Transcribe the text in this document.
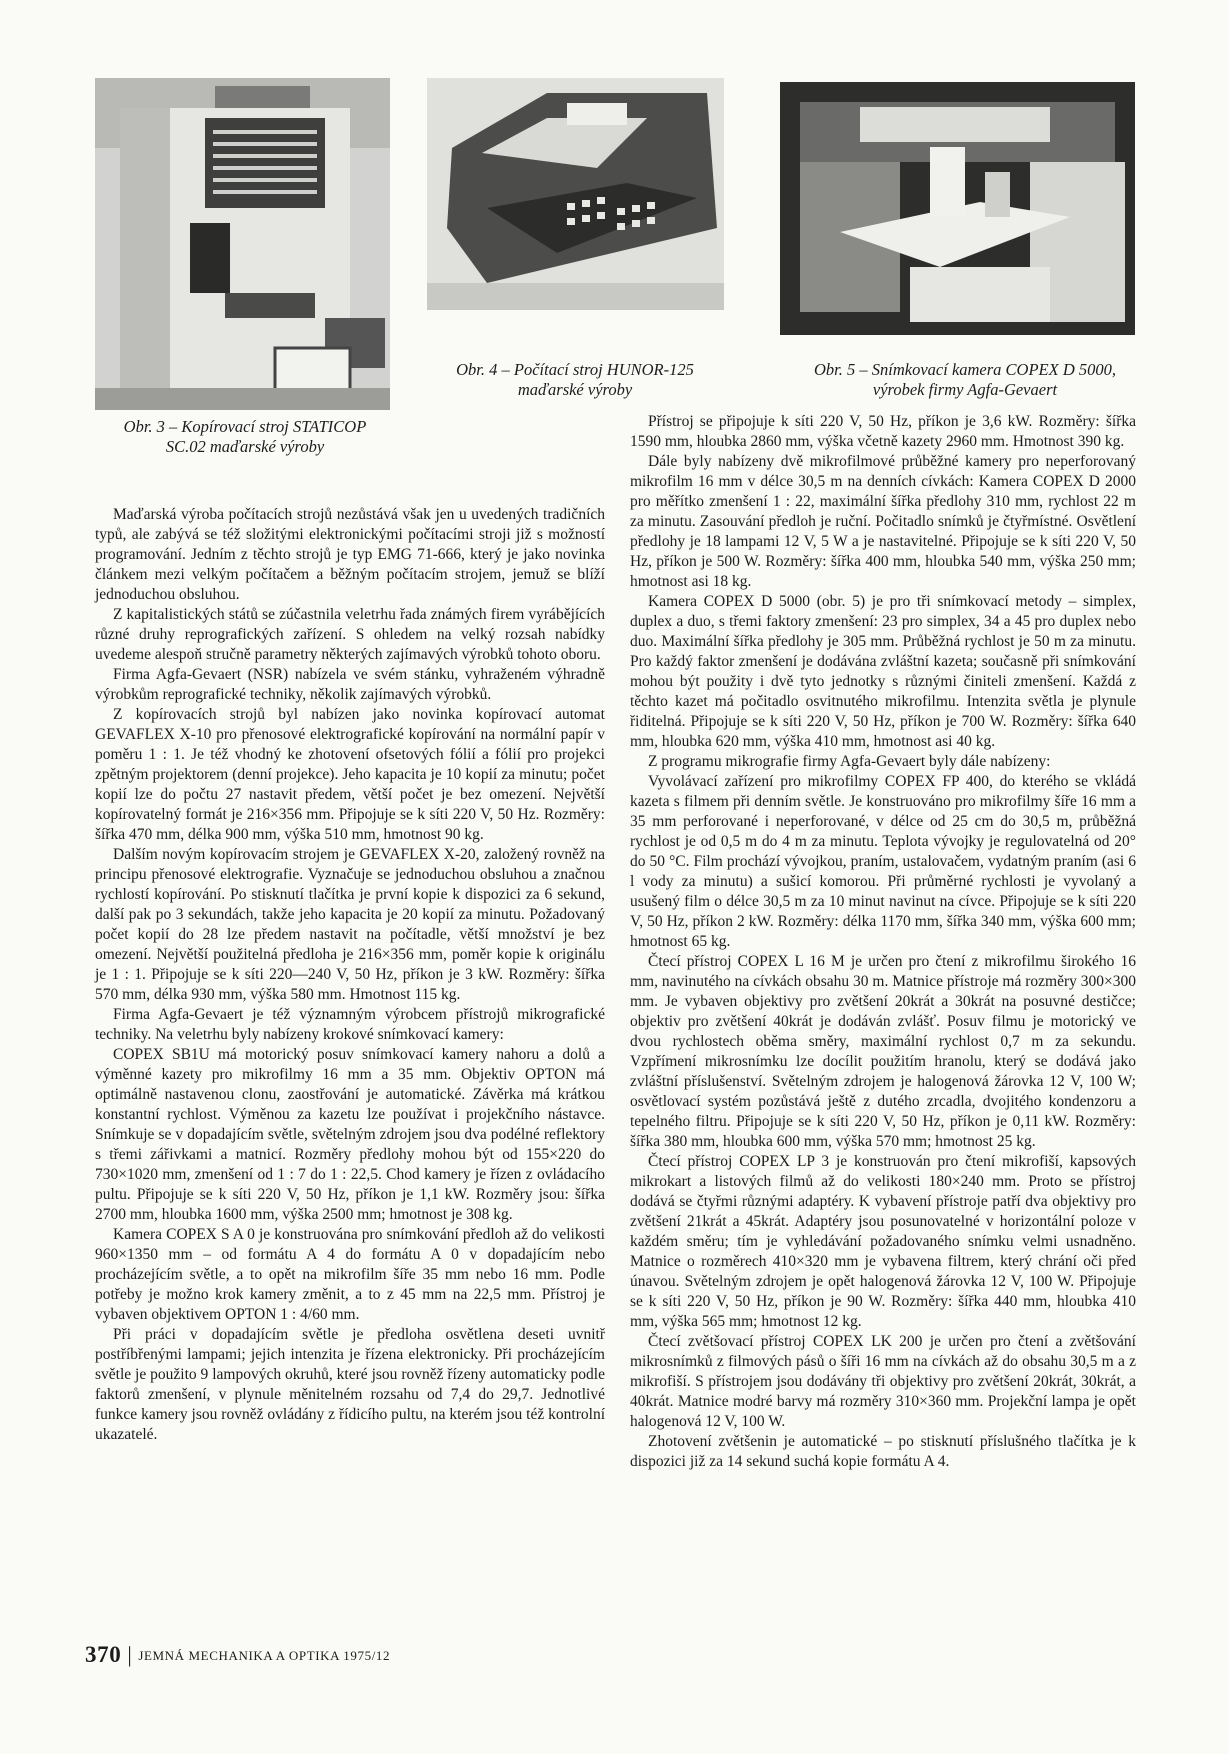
Obr. 3 – Kopírovací stroj STATICOP
SC.02 maďarské výroby
Obr. 4 – Počítací stroj HUNOR-125
maďarské výroby
Obr. 5 – Snímkovací kamera COPEX D 5000,
výrobek firmy Agfa-Gevaert

Maďarská výroba počítacích strojů nezůstává však jen u uvedených tradičních typů, ale zabývá se též složitými elektronickými počítacími stroji již s možností programování. Jedním z těchto strojů je typ EMG 71-666, který je jako novinka článkem mezi velkým počítačem a běžným počítacím strojem, jemuž se blíží jednoduchou obsluhou.

Z kapitalistických států se zúčastnila veletrhu řada známých firem vyrábějících různé druhy reprografických zařízení. S ohledem na velký rozsah nabídky uvedeme alespoň stručně parametry některých zajímavých výrobků tohoto oboru.

Firma Agfa-Gevaert (NSR) nabízela ve svém stánku, vyhraženém výhradně výrobkům reprografické techniky, několik zajímavých výrobků.

Z kopírovacích strojů byl nabízen jako novinka kopírovací automat GEVAFLEX X-10 pro přenosové elektrografické kopírování na normální papír v poměru 1 : 1. Je též vhodný ke zhotovení ofsetových fólií a fólií pro projekci zpětným projektorem (denní projekce). Jeho kapacita je 10 kopií za minutu; počet kopií lze do počtu 27 nastavit předem, větší počet je bez omezení. Největší kopírovatelný formát je 216×356 mm. Připojuje se k síti 220 V, 50 Hz. Rozměry: šířka 470 mm, délka 900 mm, výška 510 mm, hmotnost 90 kg.

Dalším novým kopírovacím strojem je GEVAFLEX X-20, založený rovněž na principu přenosové elektrografie. Vyznačuje se jednoduchou obsluhou a značnou rychlostí kopírování. Po stisknutí tlačítka je první kopie k dispozici za 6 sekund, další pak po 3 sekundách, takže jeho kapacita je 20 kopií za minutu. Požadovaný počet kopií do 28 lze předem nastavit na počítadle, větší množství je bez omezení. Největší použitelná předloha je 216×356 mm, poměr kopie k originálu je 1 : 1. Připojuje se k síti 220—240 V, 50 Hz, příkon je 3 kW. Rozměry: šířka 570 mm, délka 930 mm, výška 580 mm. Hmotnost 115 kg.

Firma Agfa-Gevaert je též významným výrobcem přístrojů mikrografické techniky. Na veletrhu byly nabízeny krokové snímkovací kamery:

COPEX SB1U má motorický posuv snímkovací kamery nahoru a dolů a výměnné kazety pro mikrofilmy 16 mm a 35 mm. Objektiv OPTON má optimálně nastavenou clonu, zaostřování je automatické. Závěrka má krátkou konstantní rychlost. Výměnou za kazetu lze používat i projekčního nástavce. Snímkuje se v dopadajícím světle, světelným zdrojem jsou dva podélné reflektory s třemi zářivkami a matnicí. Rozměry předlohy mohou být od 155×220 do 730×1020 mm, zmenšení od 1 : 7 do 1 : 22,5. Chod kamery je řízen z ovládacího pultu. Připojuje se k síti 220 V, 50 Hz, příkon je 1,1 kW. Rozměry jsou: šířka 2700 mm, hloubka 1600 mm, výška 2500 mm; hmotnost je 308 kg.

Kamera COPEX S A 0 je konstruována pro snímkování předloh až do velikosti 960×1350 mm – od formátu A 4 do formátu A 0 v dopadajícím nebo procházejícím světle, a to opět na mikrofilm šíře 35 mm nebo 16 mm. Podle potřeby je možno krok kamery změnit, a to z 45 mm na 22,5 mm. Přístroj je vybaven objektivem OPTON 1 : 4/60 mm.

Při práci v dopadajícím světle je předloha osvětlena deseti uvnitř postříbřenými lampami; jejich intenzita je řízena elektronicky. Při procházejícím světle je použito 9 lampových okruhů, které jsou rovněž řízeny automaticky podle faktorů zmenšení, v plynule měnitelném rozsahu od 7,4 do 29,7. Jednotlivé funkce kamery jsou rovněž ovládány z řídicího pultu, na kterém jsou též kontrolní ukazatelé.

Přístroj se připojuje k síti 220 V, 50 Hz, příkon je 3,6 kW. Rozměry: šířka 1590 mm, hloubka 2860 mm, výška včetně kazety 2960 mm. Hmotnost 390 kg.

Dále byly nabízeny dvě mikrofilmové průběžné kamery pro neperforovaný mikrofilm 16 mm v délce 30,5 m na denních cívkách: Kamera COPEX D 2000 pro měřítko zmenšení 1 : 22, maximální šířka předlohy 310 mm, rychlost 22 m za minutu. Zasouvání předloh je ruční. Počitadlo snímků je čtyřmístné. Osvětlení předlohy je 18 lampami 12 V, 5 W a je nastavitelné. Připojuje se k síti 220 V, 50 Hz, příkon je 500 W. Rozměry: šířka 400 mm, hloubka 540 mm, výška 250 mm; hmotnost asi 18 kg.

Kamera COPEX D 5000 (obr. 5) je pro tři snímkovací metody – simplex, duplex a duo, s třemi faktory zmenšení: 23 pro simplex, 34 a 45 pro duplex nebo duo. Maximální šířka předlohy je 305 mm. Průběžná rychlost je 50 m za minutu. Pro každý faktor zmenšení je dodávána zvláštní kazeta; současně při snímkování mohou být použity i dvě tyto jednotky s různými činiteli zmenšení. Každá z těchto kazet má počitadlo osvitnutého mikrofilmu. Intenzita světla je plynule řiditelná. Připojuje se k síti 220 V, 50 Hz, příkon je 700 W. Rozměry: šířka 640 mm, hloubka 620 mm, výška 410 mm, hmotnost asi 40 kg.

Z programu mikrografie firmy Agfa-Gevaert byly dále nabízeny:

Vyvolávací zařízení pro mikrofilmy COPEX FP 400, do kterého se vkládá kazeta s filmem při denním světle. Je konstruováno pro mikrofilmy šíře 16 mm a 35 mm perforované i neperforované, v délce od 25 cm do 30,5 m, průběžná rychlost je od 0,5 m do 4 m za minutu. Teplota vývojky je regulovatelná od 20° do 50 °C. Film prochází vývojkou, praním, ustalovačem, vydatným praním (asi 6 l vody za minutu) a sušicí komorou. Při průměrné rychlosti je vyvolaný a usušený film o délce 30,5 m za 10 minut navinut na cívce. Připojuje se k síti 220 V, 50 Hz, příkon 2 kW. Rozměry: délka 1170 mm, šířka 340 mm, výška 600 mm; hmotnost 65 kg.

Čtecí přístroj COPEX L 16 M je určen pro čtení z mikrofilmu širokého 16 mm, navinutého na cívkách obsahu 30 m. Matnice přístroje má rozměry 300×300 mm. Je vybaven objektivy pro zvětšení 20krát a 30krát na posuvné destičce; objektiv pro zvětšení 40krát je dodáván zvlášť. Posuv filmu je motorický ve dvou rychlostech oběma směry, maximální rychlost 0,7 m za sekundu. Vzpřímení mikrosnímku lze docílit použitím hranolu, který se dodává jako zvláštní příslušenství. Světelným zdrojem je halogenová žárovka 12 V, 100 W; osvětlovací systém pozůstává ještě z dutého zrcadla, dvojitého kondenzoru a tepelného filtru. Připojuje se k síti 220 V, 50 Hz, příkon je 0,11 kW. Rozměry: šířka 380 mm, hloubka 600 mm, výška 570 mm; hmotnost 25 kg.

Čtecí přístroj COPEX LP 3 je konstruován pro čtení mikrofiší, kapsových mikrokart a listových filmů až do velikosti 180×240 mm. Proto se přístroj dodává se čtyřmi různými adaptéry. K vybavení přístroje patří dva objektivy pro zvětšení 21krát a 45krát. Adaptéry jsou posunovatelné v horizontální poloze v každém směru; tím je vyhledávání požadovaného snímku velmi usnadněno. Matnice o rozměrech 410×320 mm je vybavena filtrem, který chrání oči před únavou. Světelným zdrojem je opět halogenová žárovka 12 V, 100 W. Připojuje se k síti 220 V, 50 Hz, příkon je 90 W. Rozměry: šířka 440 mm, hloubka 410 mm, výška 565 mm; hmotnost 12 kg.

Čtecí zvětšovací přístroj COPEX LK 200 je určen pro čtení a zvětšování mikrosnímků z filmových pásů o šíři 16 mm na cívkách až do obsahu 30,5 m a z mikrofiší. S přístrojem jsou dodávány tři objektivy pro zvětšení 20krát, 30krát, a 40krát. Matnice modré barvy má rozměry 310×360 mm. Projekční lampa je opět halogenová 12 V, 100 W.

Zhotovení zvětšenin je automatické – po stisknutí příslušného tlačítka je k dispozici již za 14 sekund suchá kopie formátu A 4.

370 | JEMNÁ MECHANIKA A OPTIKA 1975/12
